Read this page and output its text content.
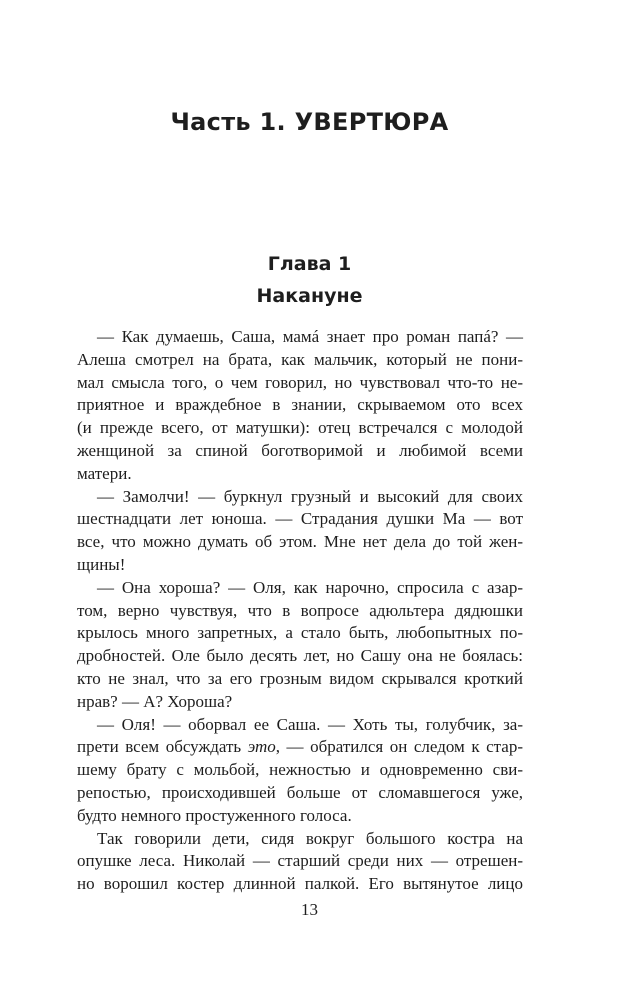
Часть 1. УВЕРТЮРА
Глава 1
Накануне
— Как думаешь, Саша, мамá знает про роман папá? —
Алеша смотрел на брата, как мальчик, который не пони-
мал смысла того, о чем говорил, но чувствовал что-то не-
приятное и враждебное в знании, скрываемом ото всех
(и прежде всего, от матушки): отец встречался с молодой
женщиной за спиной боготворимой и любимой всеми
матери.
— Замолчи! — буркнул грузный и высокий для своих
шестнадцати лет юноша. — Страдания душки Ма — вот
все, что можно думать об этом. Мне нет дела до той жен-
щины!
— Она хороша? — Оля, как нарочно, спросила с азар-
том, верно чувствуя, что в вопросе адюльтера дядюшки
крылось много запретных, а стало быть, любопытных по-
дробностей. Оле было десять лет, но Сашу она не боялась:
кто не знал, что за его грозным видом скрывался кроткий
нрав? — А? Хороша?
— Оля! — оборвал ее Саша. — Хоть ты, голубчик, за-
прети всем обсуждать это, — обратился он следом к стар-
шему брату с мольбой, нежностью и одновременно сви-
репостью, происходившей больше от сломавшегося уже,
будто немного простуженного голоса.
Так говорили дети, сидя вокруг большого костра на
опушке леса. Николай — старший среди них — отрешен-
но ворошил костер длинной палкой. Его вытянутое лицо
13
